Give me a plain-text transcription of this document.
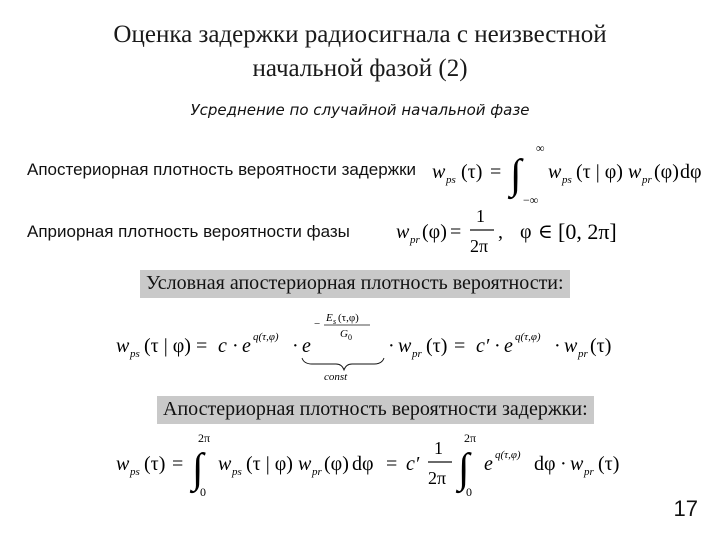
Оценка задержки радиосигнала с неизвестной
начальной фазой (2)
Усреднение по случайной начальной фазе
Апостериорная плотность вероятности задержки w ps (τ) = ∫
∞
−∞
w ps (τ | φ) w pr (φ) dφ
Априорная плотность вероятности фазы w pr (φ) =
1
2π
, φ ∈ [0, 2π]
Условная апостериорная плотность вероятности:
w ps (τ | φ) = c · e q(τ,φ) · e
− E s (τ,φ)
G 0
const
· w pr (τ) = c′ · e q(τ,φ) · w pr (τ)
Апостериорная плотность вероятности задержки:
w ps (τ) = ∫
2π
0
w ps (τ | φ) w pr (φ) dφ = c′
1
2π ∫
2π
0
e q(τ,φ) dφ · w pr (τ)
17
